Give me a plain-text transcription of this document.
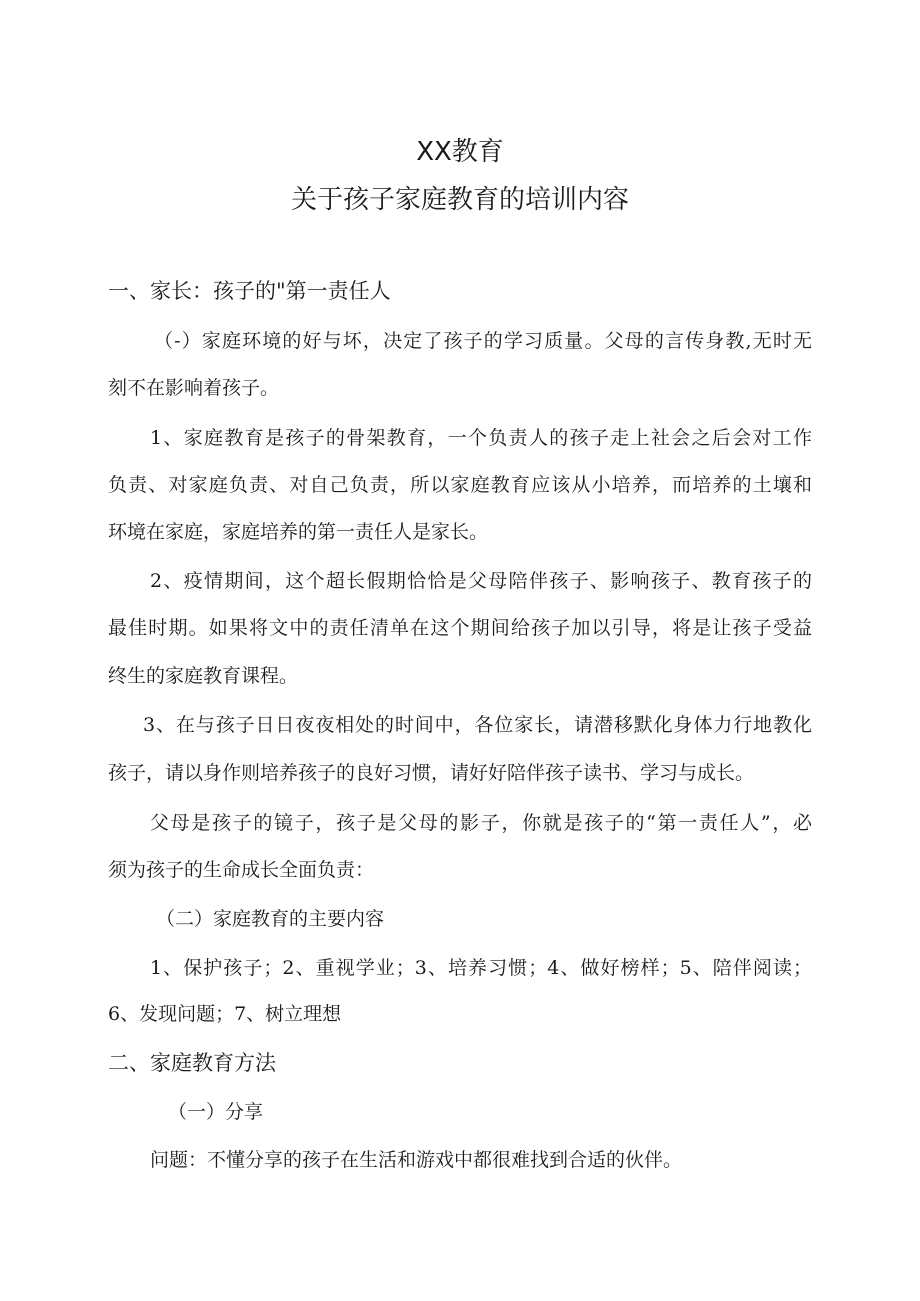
XX教育
关于孩子家庭教育的培训内容
一、家长：孩子的"第一责任人
（-）家庭环境的好与坏，决定了孩子的学习质量。父母的言传身教,无时无
刻不在影响着孩子。
1、家庭教育是孩子的骨架教育，一个负责人的孩子走上社会之后会对工作
负责、对家庭负责、对自己负责，所以家庭教育应该从小培养，而培养的土壤和
环境在家庭，家庭培养的第一责任人是家长。
2、疫情期间，这个超长假期恰恰是父母陪伴孩子、影响孩子、教育孩子的
最佳时期。如果将文中的责任清单在这个期间给孩子加以引导，将是让孩子受益
终生的家庭教育课程。
3、在与孩子日日夜夜相处的时间中，各位家长，请潜移默化身体力行地教化
孩子，请以身作则培养孩子的良好习惯，请好好陪伴孩子读书、学习与成长。
父母是孩子的镜子，孩子是父母的影子，你就是孩子的“第一责任人”，必
须为孩子的生命成长全面负责：
（二）家庭教育的主要内容
1、保护孩子；2、重视学业；3、培养习惯；4、做好榜样；5、陪伴阅读；
6、发现问题；7、树立理想
二、家庭教育方法
（一）分享
问题：不懂分享的孩子在生活和游戏中都很难找到合适的伙伴。
